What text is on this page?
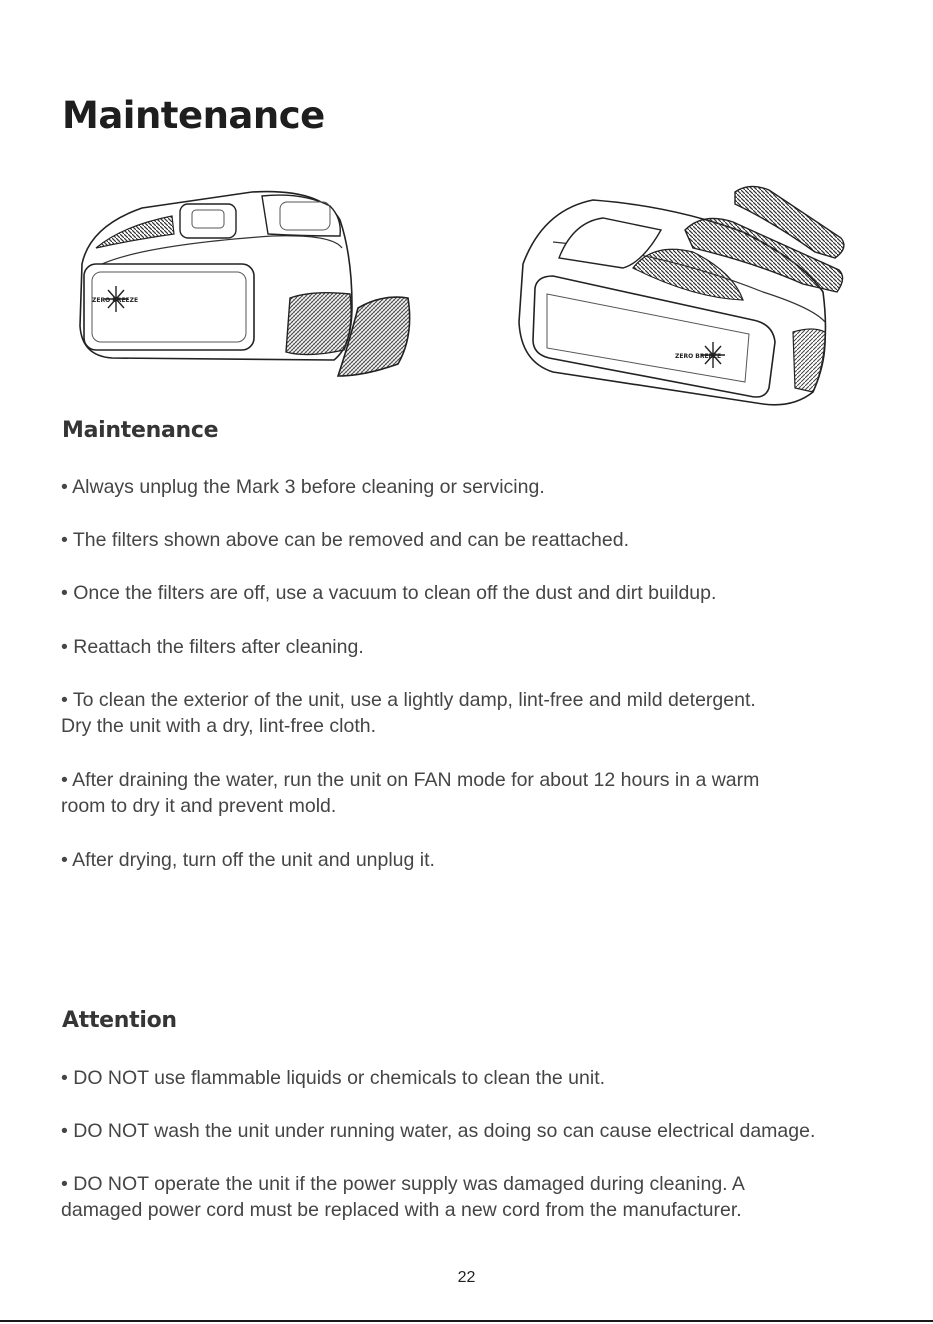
Maintenance
ZERO BREEZE
ZERO BREEZE
Maintenance

• Always unplug the Mark 3 before cleaning or servicing.

• The filters shown above can be removed and can be reattached.

• Once the filters are off, use a vacuum to clean off the dust and dirt buildup.

• Reattach the filters after cleaning.

• To clean the exterior of the unit, use a lightly damp, lint-free and mild detergent.
Dry the unit with a dry, lint-free cloth.

• After draining the water, run the unit on FAN mode for about 12 hours in a warm
room to dry it and prevent mold.

• After drying, turn off the unit and unplug it.

Attention

• DO NOT use flammable liquids or chemicals to clean the unit.

• DO NOT wash the unit under running water, as doing so can cause electrical damage.

• DO NOT operate the unit if the power supply was damaged during cleaning. A
damaged power cord must be replaced with a new cord from the manufacturer.

22
